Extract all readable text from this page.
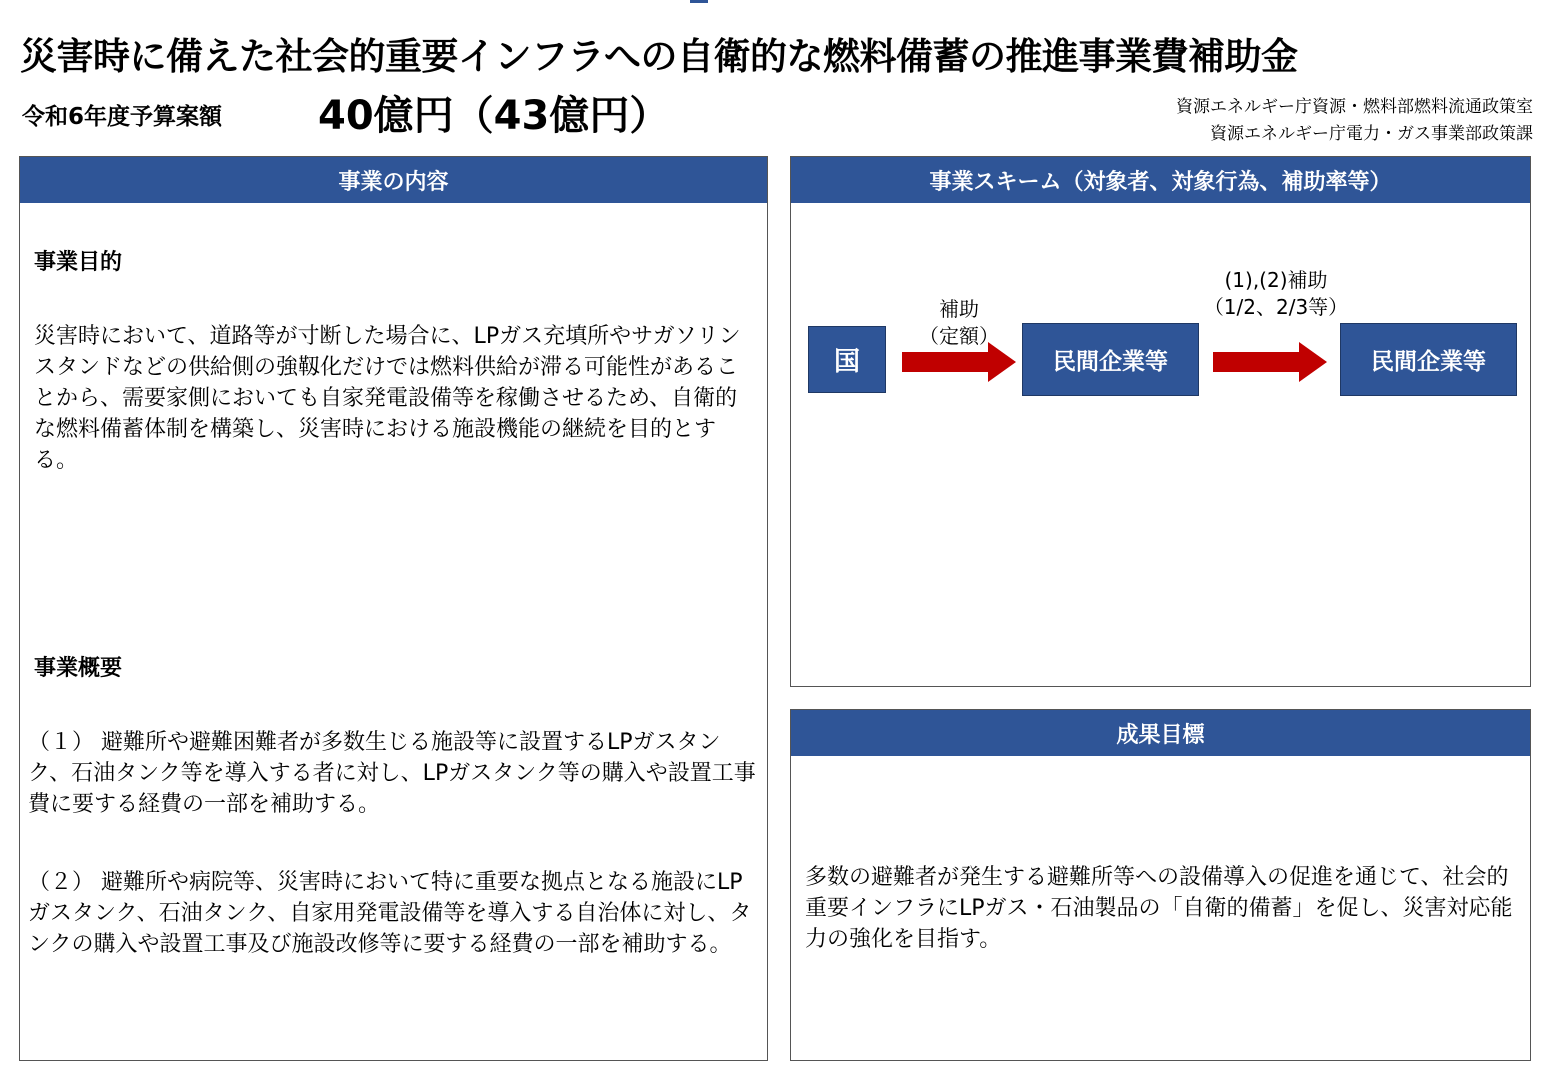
災害時に備えた社会的重要インフラへの自衛的な燃料備蓄の推進事業費補助金
令和6年度予算案額 40億円（43億円）	資源エネルギー庁資源・燃料部燃料流通政策室
資源エネルギー庁電力・ガス事業部政策課
事業の内容
事業目的
災害時において、道路等が寸断した場合に、LPガス充填所やサガソリンスタンドなどの供給側の強靱化だけでは燃料供給が滞る可能性があることから、需要家側においても自家発電設備等を稼働させるため、自衛的な燃料備蓄体制を構築し、災害時における施設機能の継続を目的とする。
事業概要
（１） 避難所や避難困難者が多数生じる施設等に設置するLPガスタンク、石油タンク等を導入する者に対し、LPガスタンク等の購入や設置工事費に要する経費の一部を補助する。
（２） 避難所や病院等、災害時において特に重要な拠点となる施設にLPガスタンク、石油タンク、自家用発電設備等を導入する自治体に対し、タンクの購入や設置工事及び施設改修等に要する経費の一部を補助する。
事業スキーム（対象者、対象行為、補助率等）
国
補助
（定額）
民間企業等
(1),(2)補助
（1/2、2/3等）
民間企業等
成果目標
多数の避難者が発生する避難所等への設備導入の促進を通じて、社会的重要インフラにLPガス・石油製品の「自衛的備蓄」を促し、災害対応能力の強化を目指す。
